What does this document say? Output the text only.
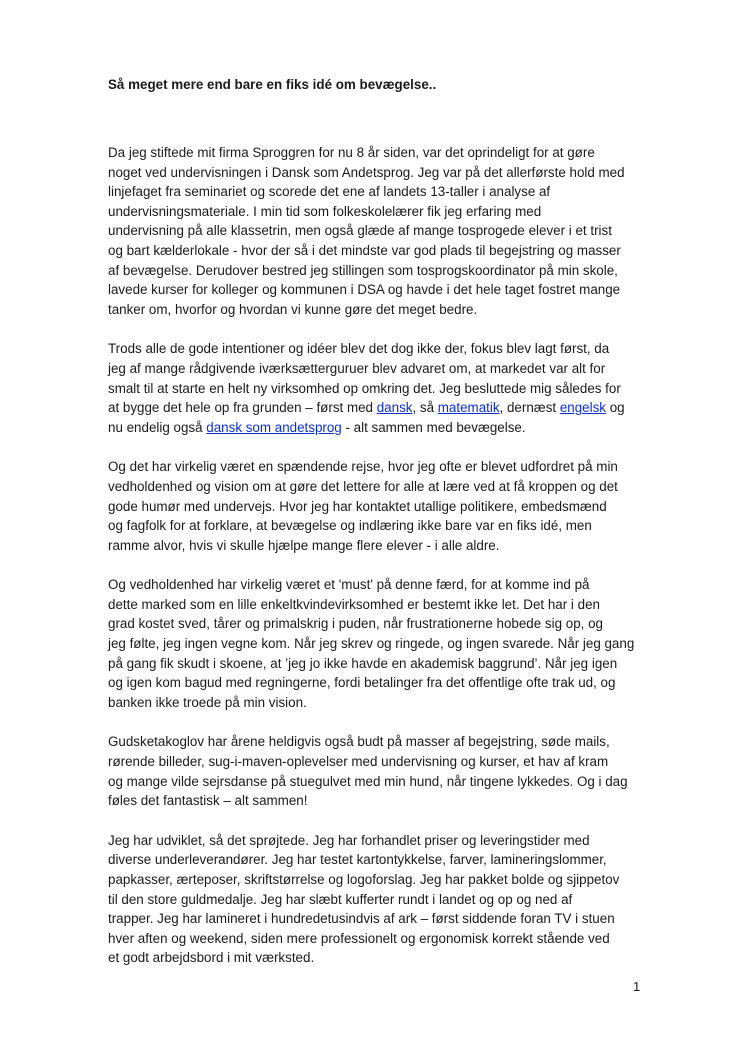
Så meget mere end bare en fiks idé om bevægelse..

Da jeg stiftede mit firma Sproggren for nu 8 år siden, var det oprindeligt for at gøre
noget ved undervisningen i Dansk som Andetsprog. Jeg var på det allerførste hold med
linjefaget fra seminariet og scorede det ene af landets 13-taller i analyse af
undervisningsmateriale. I min tid som folkeskolelærer fik jeg erfaring med
undervisning på alle klassetrin, men også glæde af mange tosprogede elever i et trist
og bart kælderlokale - hvor der så i det mindste var god plads til begejstring og masser
af bevægelse. Derudover bestred jeg stillingen som tosprogskoordinator på min skole,
lavede kurser for kolleger og kommunen i DSA og havde i det hele taget fostret mange
tanker om, hvorfor og hvordan vi kunne gøre det meget bedre.

Trods alle de gode intentioner og idéer blev det dog ikke der, fokus blev lagt først, da
jeg af mange rådgivende iværksætterguruer blev advaret om, at markedet var alt for
smalt til at starte en helt ny virksomhed op omkring det. Jeg besluttede mig således for
at bygge det hele op fra grunden – først med dansk, så matematik, dernæst engelsk og
nu endelig også dansk som andetsprog - alt sammen med bevægelse.

Og det har virkelig været en spændende rejse, hvor jeg ofte er blevet udfordret på min
vedholdenhed og vision om at gøre det lettere for alle at lære ved at få kroppen og det
gode humør med undervejs. Hvor jeg har kontaktet utallige politikere, embedsmænd
og fagfolk for at forklare, at bevægelse og indlæring ikke bare var en fiks idé, men
ramme alvor, hvis vi skulle hjælpe mange flere elever - i alle aldre.

Og vedholdenhed har virkelig været et 'must' på denne færd, for at komme ind på
dette marked som en lille enkeltkvindevirksomhed er bestemt ikke let. Det har i den
grad kostet sved, tårer og primalskrig i puden, når frustrationerne hobede sig op, og
jeg følte, jeg ingen vegne kom. Når jeg skrev og ringede, og ingen svarede. Når jeg gang
på gang fik skudt i skoene, at ’jeg jo ikke havde en akademisk baggrund’. Når jeg igen
og igen kom bagud med regningerne, fordi betalinger fra det offentlige ofte trak ud, og
banken ikke troede på min vision.

Gudsketakoglov har årene heldigvis også budt på masser af begejstring, søde mails,
rørende billeder, sug-i-maven-oplevelser med undervisning og kurser, et hav af kram
og mange vilde sejrsdanse på stuegulvet med min hund, når tingene lykkedes. Og i dag
føles det fantastisk – alt sammen!

Jeg har udviklet, så det sprøjtede. Jeg har forhandlet priser og leveringstider med
diverse underleverandører. Jeg har testet kartontykkelse, farver, lamineringslommer,
papkasser, ærteposer, skriftstørrelse og logoforslag. Jeg har pakket bolde og sjippetov
til den store guldmedalje. Jeg har slæbt kufferter rundt i landet og op og ned af
trapper. Jeg har lamineret i hundredetusindvis af ark – først siddende foran TV i stuen
hver aften og weekend, siden mere professionelt og ergonomisk korrekt stående ved
et godt arbejdsbord i mit værksted.

1
